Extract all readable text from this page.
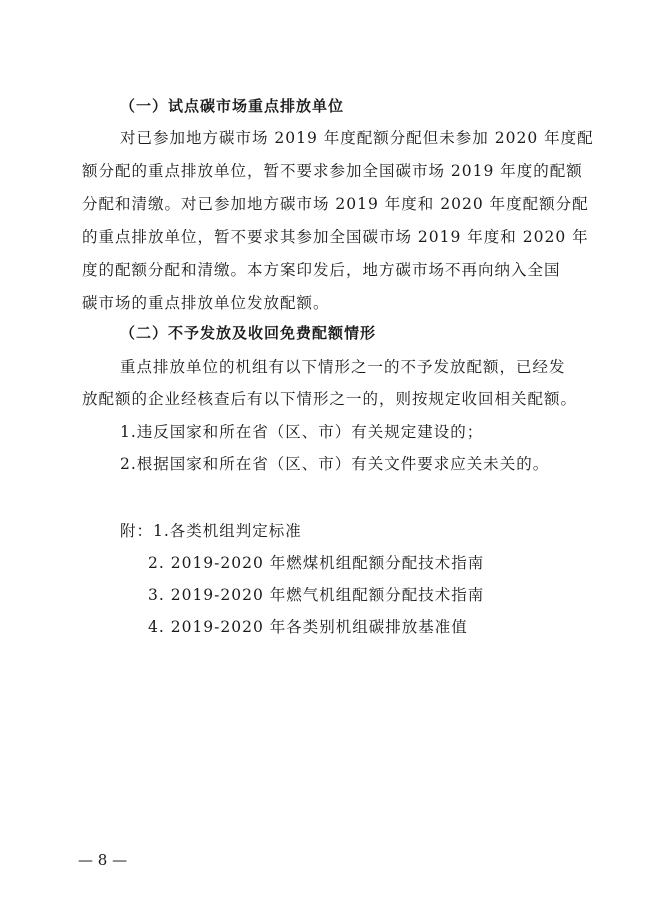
（一）试点碳市场重点排放单位
对已参加地方碳市场 2019 年度配额分配但未参加 2020 年度配
额分配的重点排放单位，暂不要求参加全国碳市场 2019 年度的配额
分配和清缴。对已参加地方碳市场 2019 年度和 2020 年度配额分配
的重点排放单位，暂不要求其参加全国碳市场 2019 年度和 2020 年
度的配额分配和清缴。本方案印发后，地方碳市场不再向纳入全国
碳市场的重点排放单位发放配额。
（二）不予发放及收回免费配额情形
重点排放单位的机组有以下情形之一的不予发放配额，已经发
放配额的企业经核查后有以下情形之一的，则按规定收回相关配额。
1.违反国家和所在省（区、市）有关规定建设的；
2.根据国家和所在省（区、市）有关文件要求应关未关的。
附：1.各类机组判定标准
2. 2019-2020 年燃煤机组配额分配技术指南
3. 2019-2020 年燃气机组配额分配技术指南
4. 2019-2020 年各类别机组碳排放基准值
— 8 —
